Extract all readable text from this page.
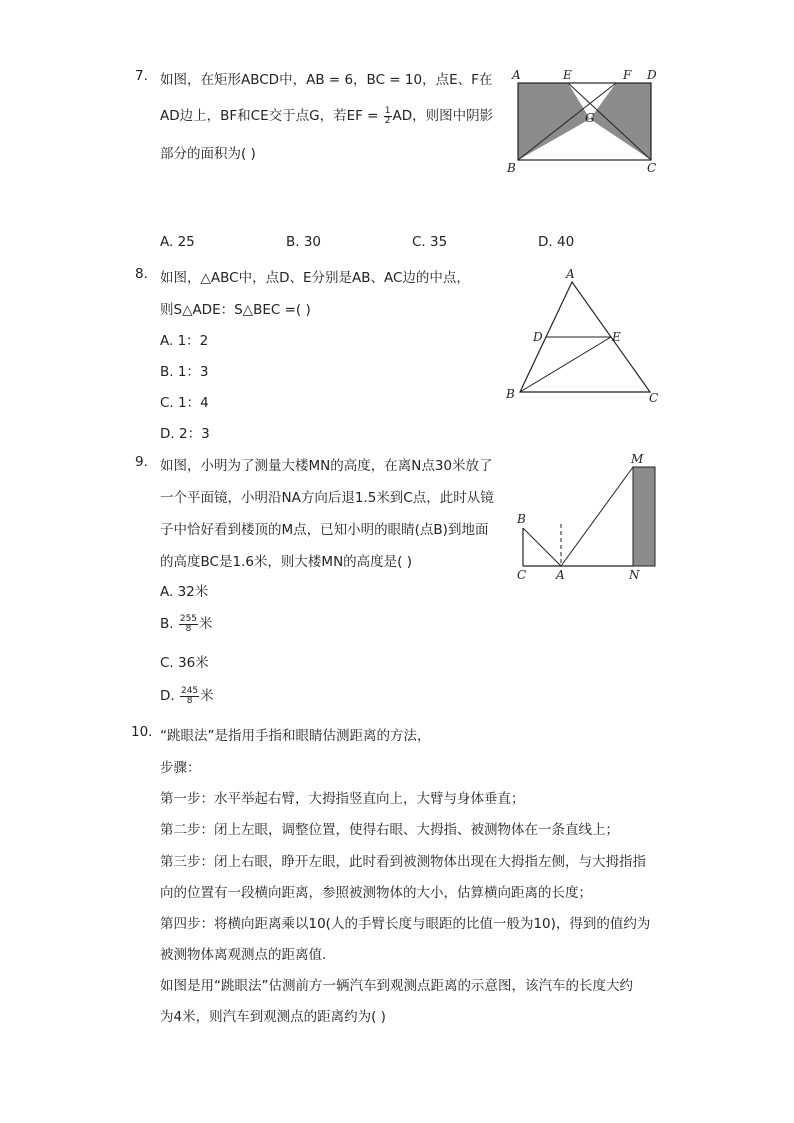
7. 如图，在矩形ABCD中，AB = 6，BC = 10，点E、F在
AD边上，BF和CE交于点G，若EF = $\frac{1}{2}$ AD，则图中阴影
部分的面积为( )
A	E	F D
G
B	C
A. 25	B. 30	C. 35	D. 40
8. 如图，△ABC中，点D、E分别是AB、AC边的中点，
则S△ADE：S△BEC =( )
A. 1：2
B. 1：3
C. 1：4
D. 2：3
A
D	E
B	C
9. 如图，小明为了测量大楼MN的高度，在离N点30米放了
一个平面镜，小明沿NA方向后退1.5米到C点，此时从镜
子中恰好看到楼顶的M点，已知小明的眼睛(点B)到地面
的高度BC是1.6米，则大楼MN的高度是( )
A. 32米
B. $\frac{255}{8}$ 米
C. 36米
D. $\frac{245}{8}$ 米
M
B
C A	N
10. “跳眼法”是指用手指和眼睛估测距离的方法，
步骤：
第一步：水平举起右臂，大拇指竖直向上，大臂与身体垂直；
第二步：闭上左眼，调整位置，使得右眼、大拇指、被测物体在一条直线上；
第三步：闭上右眼，睁开左眼，此时看到被测物体出现在大拇指左侧，与大拇指指
向的位置有一段横向距离，参照被测物体的大小，估算横向距离的长度；
第四步：将横向距离乘以10(人的手臂长度与眼距的比值一般为10)，得到的值约为
被测物体离观测点的距离值.
如图是用“跳眼法”估测前方一辆汽车到观测点距离的示意图，该汽车的长度大约
为4米，则汽车到观测点的距离约为( )
